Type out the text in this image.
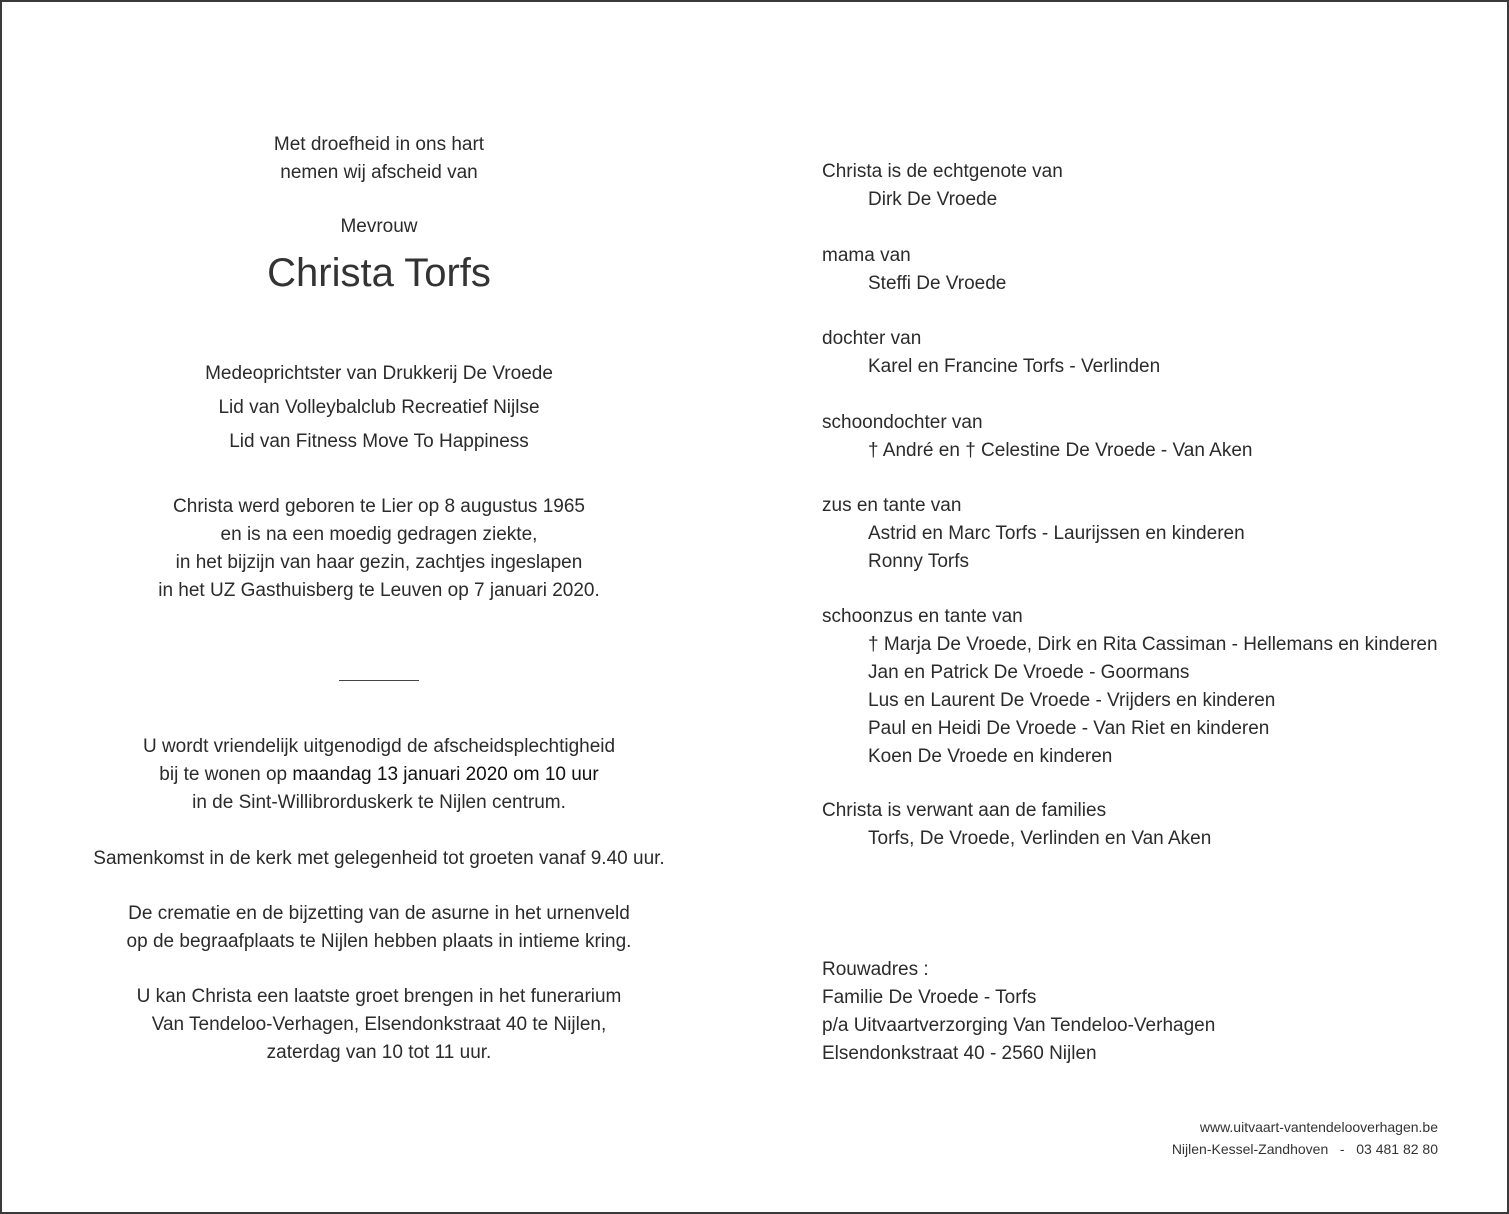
Met droefheid in ons hart
nemen wij afscheid van
Mevrouw
Christa Torfs
Medeoprichtster van Drukkerij De Vroede
Lid van Volleybalclub Recreatief Nijlse
Lid van Fitness Move To Happiness
Christa werd geboren te Lier op 8 augustus 1965
en is na een moedig gedragen ziekte,
in het bijzijn van haar gezin, zachtjes ingeslapen
in het UZ Gasthuisberg te Leuven op 7 januari 2020.
U wordt vriendelijk uitgenodigd de afscheidsplechtigheid
bij te wonen op maandag 13 januari 2020 om 10 uur
in de Sint-Willibrorduskerk te Nijlen centrum.
Samenkomst in de kerk met gelegenheid tot groeten vanaf 9.40 uur.
De crematie en de bijzetting van de asurne in het urnenveld
op de begraafplaats te Nijlen hebben plaats in intieme kring.
U kan Christa een laatste groet brengen in het funerarium
Van Tendeloo-Verhagen, Elsendonkstraat 40 te Nijlen,
zaterdag van 10 tot 11 uur.
Christa is de echtgenote van
Dirk De Vroede
mama van
Steffi De Vroede
dochter van
Karel en Francine Torfs - Verlinden
schoondochter van
† André en † Celestine De Vroede - Van Aken
zus en tante van
Astrid en Marc Torfs - Laurijssen en kinderen
Ronny Torfs
schoonzus en tante van
† Marja De Vroede, Dirk en Rita Cassiman - Hellemans en kinderen
Jan en Patrick De Vroede - Goormans
Lus en Laurent De Vroede - Vrijders en kinderen
Paul en Heidi De Vroede - Van Riet en kinderen
Koen De Vroede en kinderen
Christa is verwant aan de families
Torfs, De Vroede, Verlinden en Van Aken
Rouwadres :
Familie De Vroede - Torfs
p/a Uitvaartverzorging Van Tendeloo-Verhagen
Elsendonkstraat 40 - 2560 Nijlen
www.uitvaart-vantendelooverhagen.be
Nijlen-Kessel-Zandhoven - 03 481 82 80
